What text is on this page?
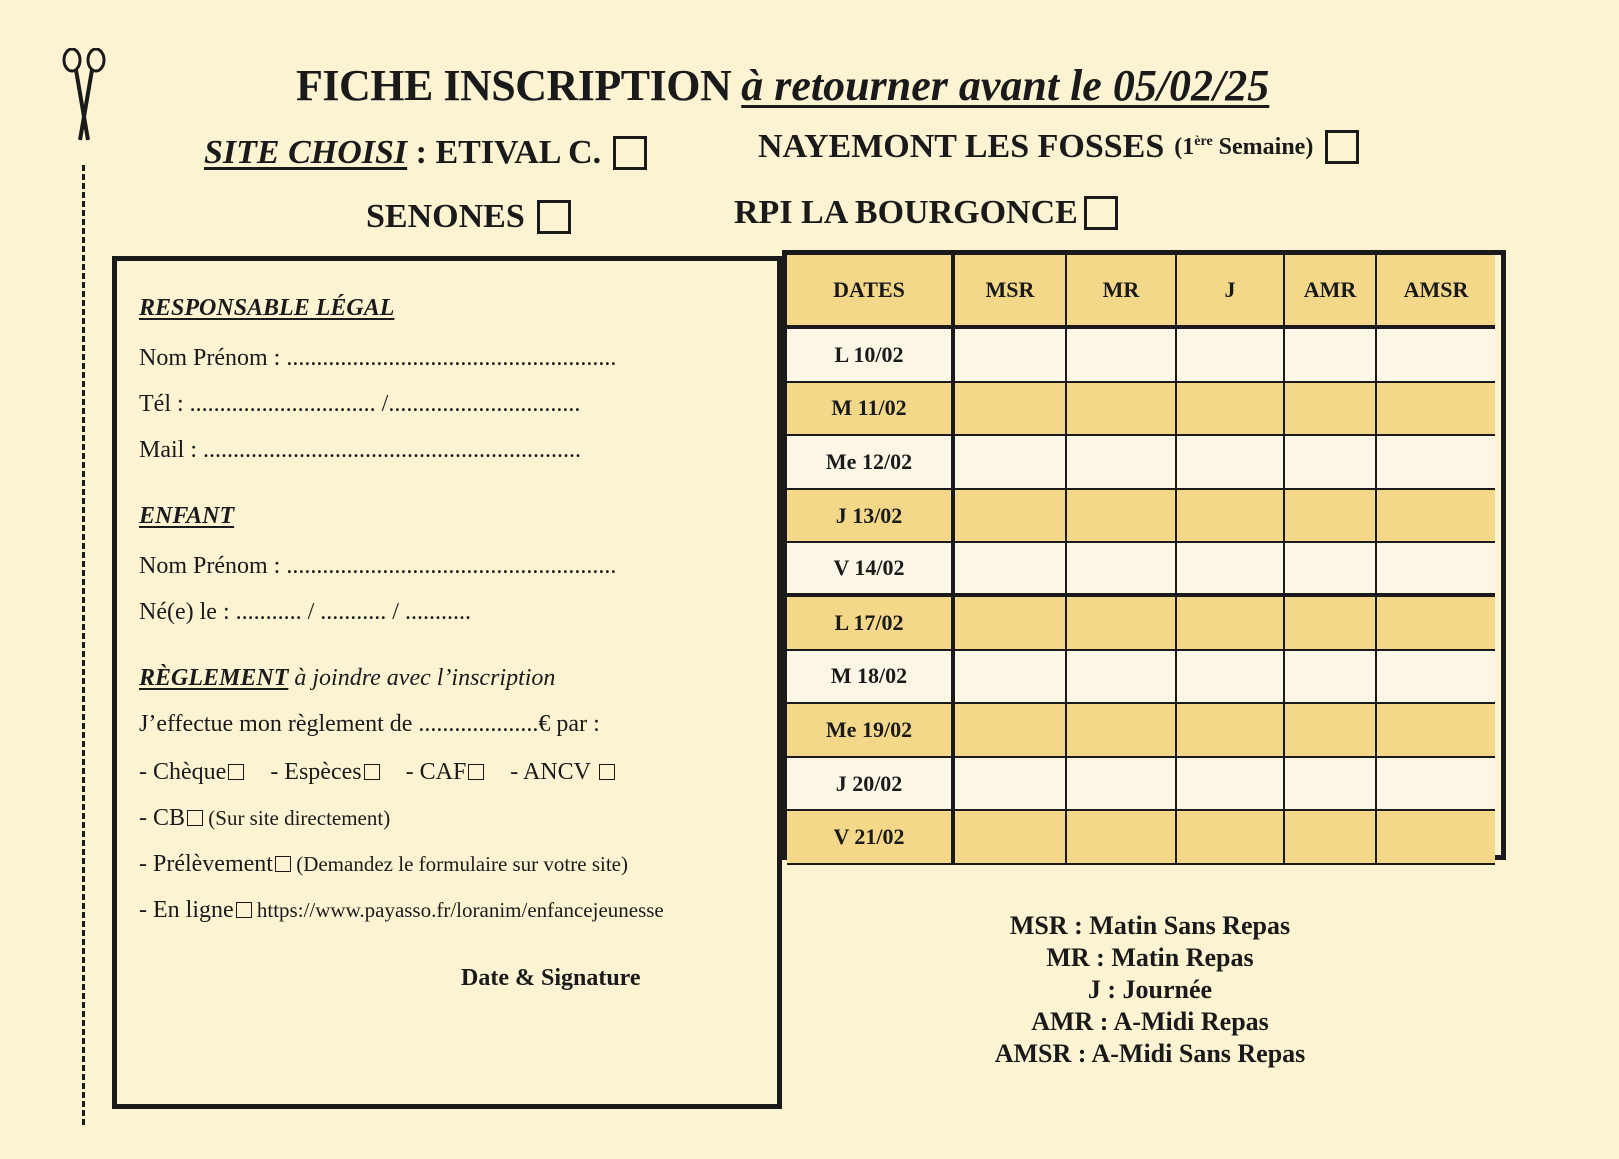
FICHE INSCRIPTION à retourner avant le 05/02/25
SITE CHOISI : ETIVAL C.	NAYEMONT LES FOSSES (1ère Semaine)
SENONES	RPI LA BOURGONCE
RESPONSABLE LÉGAL
Nom Prénom : .......................................................
Tél : ............................... /................................
Mail : ...............................................................
ENFANT
Nom Prénom : .......................................................
Né(e) le : ........... / ........... / ...........
RÈGLEMENT à joindre avec l’inscription
J’effectue mon règlement de ....................€ par :
- Chèque - Espèces - CAF - ANCV
- CB (Sur site directement)
- Prélèvement (Demandez le formulaire sur votre site)
- En ligne https://www.payasso.fr/loranim/enfancejeunesse
Date & Signature
DATES	MSR	MR	J	AMR	AMSR
L 10/02
M 11/02
Me 12/02
J 13/02
V 14/02
L 17/02
M 18/02
Me 19/02
J 20/02
V 21/02
MSR : Matin Sans Repas
MR : Matin Repas
J : Journée
AMR : A-Midi Repas
AMSR : A-Midi Sans Repas
